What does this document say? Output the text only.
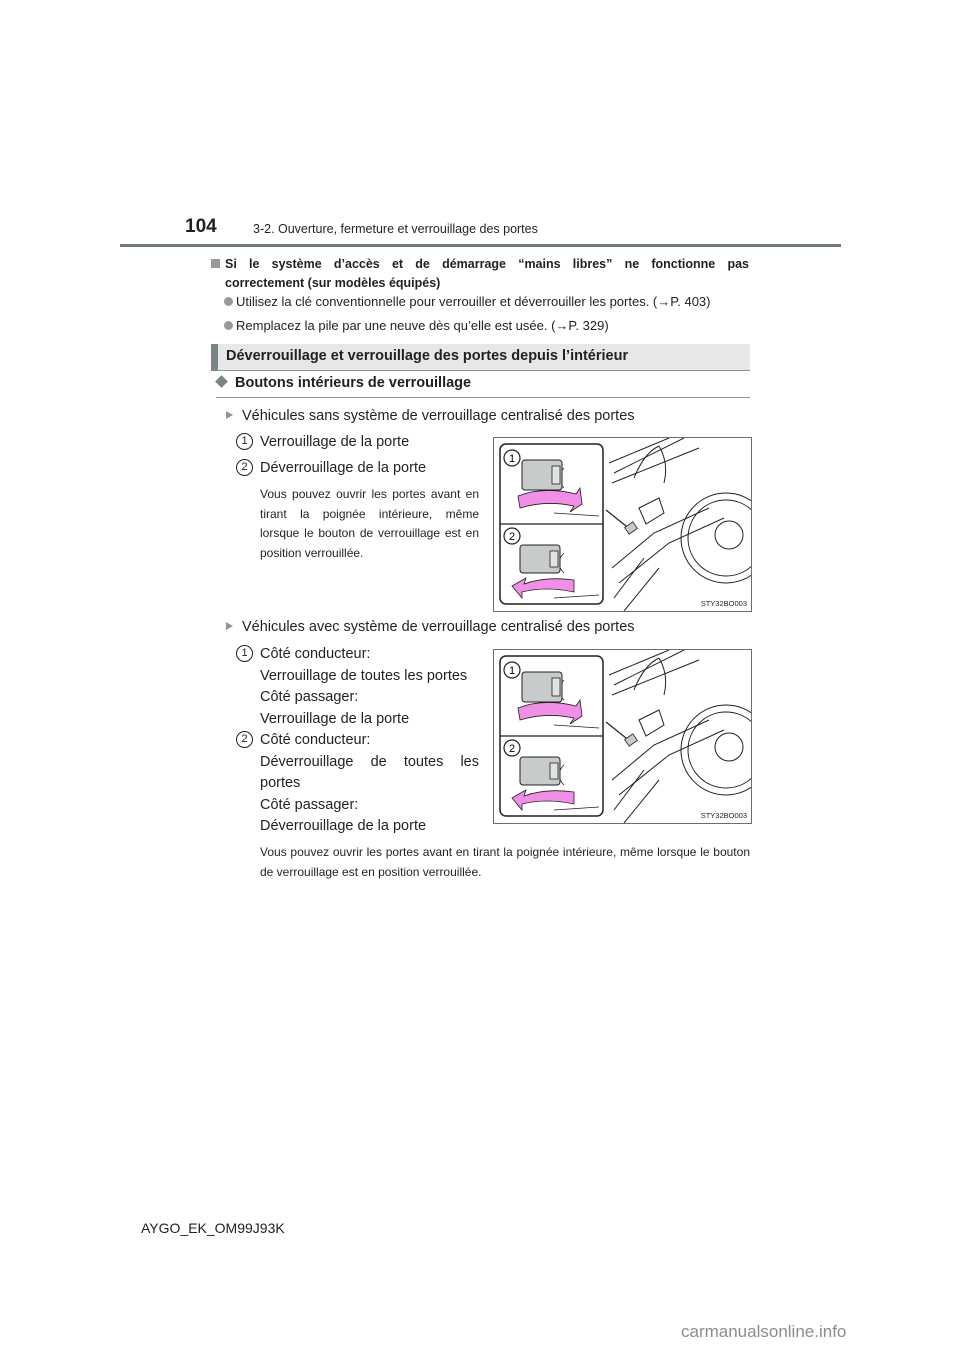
104	3-2. Ouverture, fermeture et verrouillage des portes
Si le système d’accès et de démarrage “mains libres” ne fonctionne pas
correctement (sur modèles équipés)
Utilisez la clé conventionnelle pour verrouiller et déverrouiller les portes. (→P. 403)
Remplacez la pile par une neuve dès qu’elle est usée. (→P. 329)
Déverrouillage et verrouillage des portes depuis l’intérieur
Boutons intérieurs de verrouillage
Véhicules sans système de verrouillage centralisé des portes
1 Verrouillage de la porte
2 Déverrouillage de la porte
Vous pouvez ouvrir les portes avant en tirant la poignée intérieure, même lorsque le bouton de verrouillage est en position verrouillée.
1
2
STY32BO003
Véhicules avec système de verrouillage centralisé des portes
1 Côté conducteur:
Verrouillage de toutes les portes
Côté passager:
Verrouillage de la porte
2 Côté conducteur:
Déverrouillage de toutes les portes
Côté passager:
Déverrouillage de la porte
Vous pouvez ouvrir les portes avant en tirant la poignée intérieure, même lorsque le bouton de verrouillage est en position verrouillée.
1
2
STY32BO003
AYGO_EK_OM99J93K
carmanualsonline.info
